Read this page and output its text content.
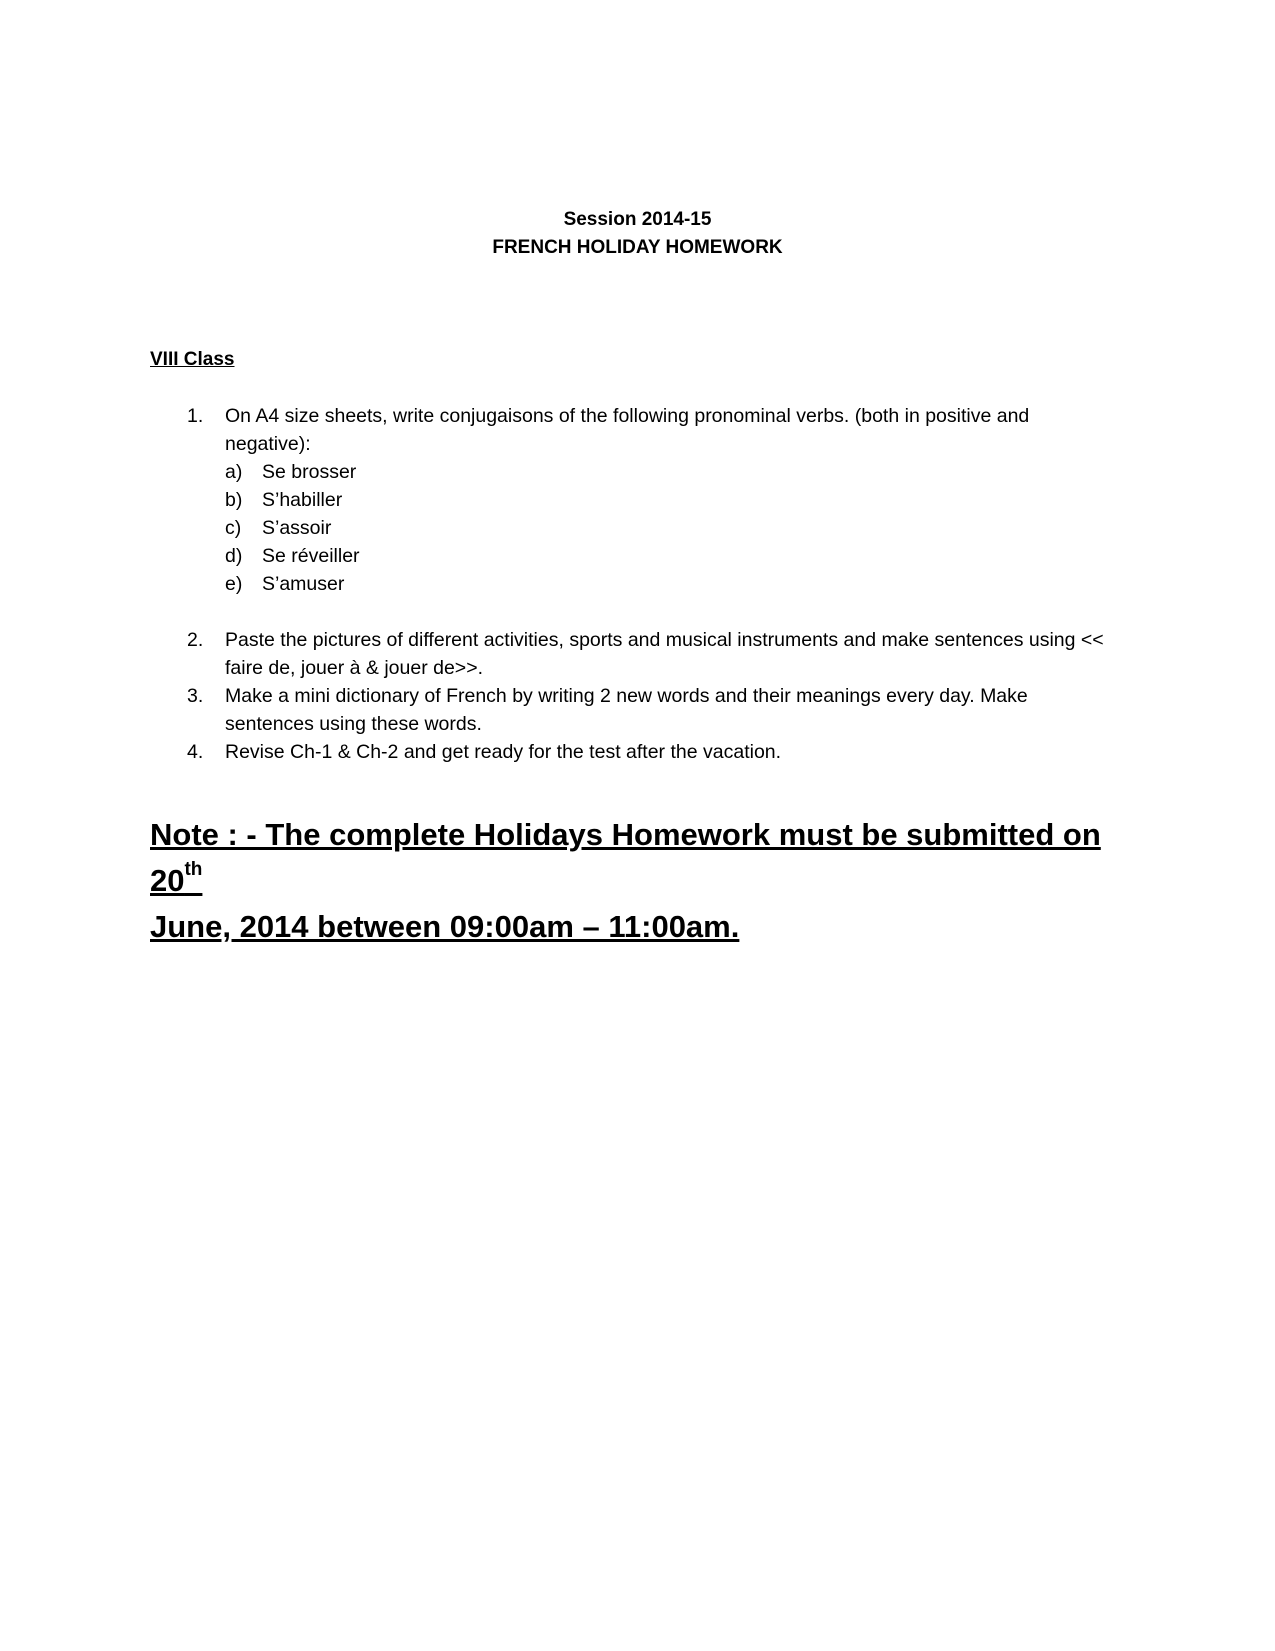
Session 2014-15
FRENCH HOLIDAY HOMEWORK
VIII Class
1. On A4 size sheets, write conjugaisons of the following pronominal verbs. (both in positive and negative):
a) Se brosser
b) S’habiller
c) S’assoir
d) Se réveiller
e) S’amuser
2. Paste the pictures of different activities, sports and musical instruments and make sentences using << faire de, jouer à & jouer de>>.
3. Make a mini dictionary of French by writing 2 new words and their meanings every day. Make sentences using these words.
4. Revise Ch-1 & Ch-2 and get ready for the test after the vacation.
Note : - The complete Holidays Homework must be submitted on 20th
June, 2014 between 09:00am – 11:00am.
